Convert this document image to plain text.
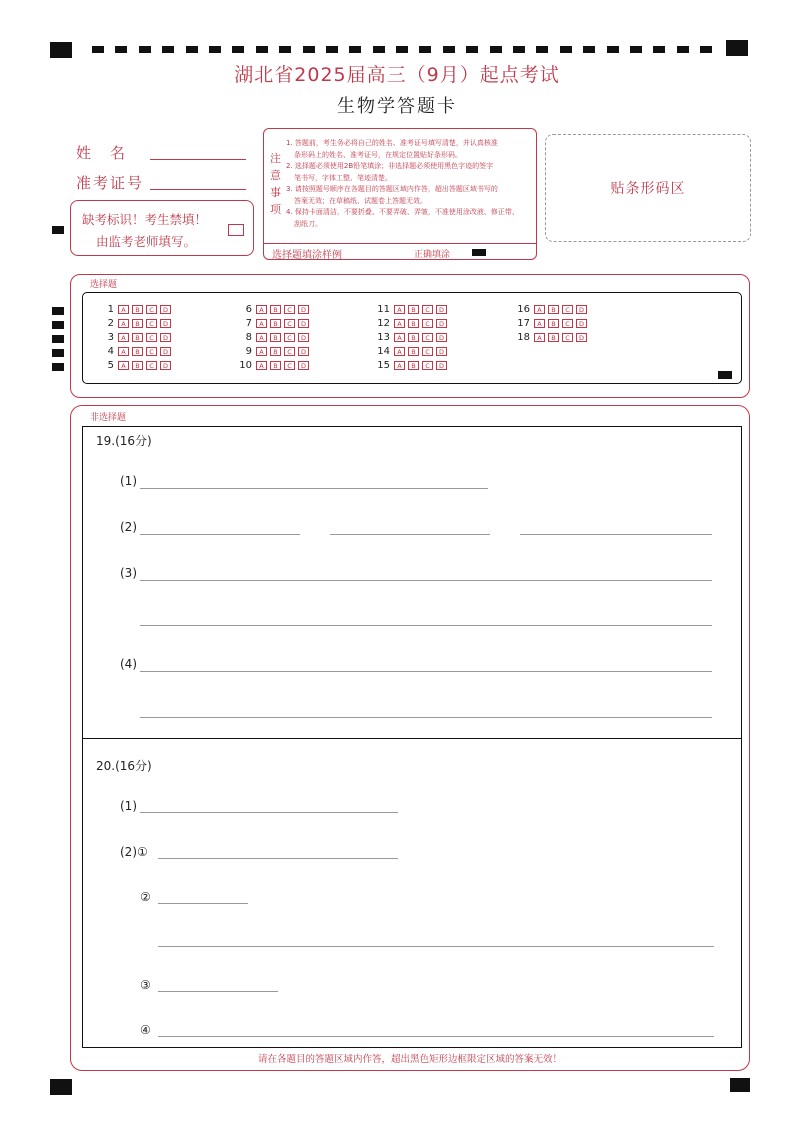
湖北省2025届高三（9月）起点考试
生物学答题卡
姓　名
准考证号
缺考标识！考生禁填！
由监考老师填写。
注
意
事
项
1. 答题前，考生务必将自己的姓名、准考证号填写清楚，并认真核准
条形码上的姓名、准考证号，在规定位置贴好条形码。
2. 选择题必须使用2B铅笔填涂；非选择题必须使用黑色字迹的签字
笔书写，字体工整、笔迹清楚。
3. 请按照题号顺序在各题目的答题区域内作答，超出答题区域书写的
答案无效；在草稿纸、试题卷上答题无效。
4. 保持卡面清洁，不要折叠、不要弄破、弄皱，不准使用涂改液、修正带、
刮纸刀。
选择题填涂样例	正确填涂
贴条形码区
选择题
1	A	B	C	D
2	A	B	C	D
3	A	B	C	D
4	A	B	C	D
5	A	B	C	D
6	A	B	C	D
7	A	B	C	D
8	A	B	C	D
9	A	B	C	D
10	A	B	C	D
11	A	B	C	D
12	A	B	C	D
13	A	B	C	D
14	A	B	C	D
15	A	B	C	D
16	A	B	C	D
17	A	B	C	D
18	A	B	C	D
非选择题
19.(16分)
(1)
(2)
(3)
(4)
20.(16分)
(1)
(2)①
②
③
④
请在各题目的答题区域内作答，超出黑色矩形边框限定区域的答案无效！
